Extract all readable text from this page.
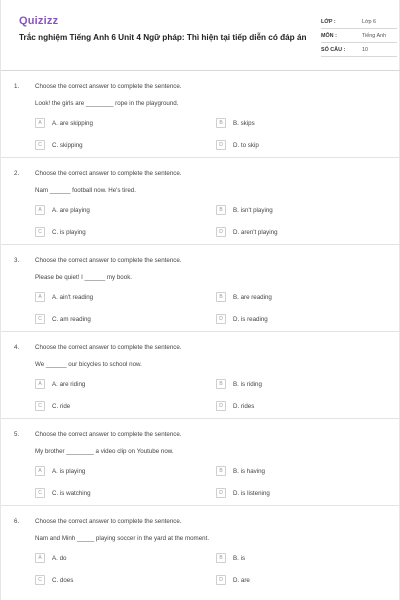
Quizizz
Trắc nghiệm Tiếng Anh 6 Unit 4 Ngữ pháp: Thì hiện tại tiếp diễn có đáp án
LỚP :	Lớp 6
MÔN :	Tiếng Anh
SỐ CÂU :	10
1.	Choose the correct answer to complete the sentence.
Look! the girls are ________ rope in the playground.
A	A. are skipping	B	B. skips
C	C. skipping	D	D. to skip
2.	Choose the correct answer to complete the sentence.
Nam ______ football now. He's tired.
A	A. are playing	B	B. isn't playing
C	C. is playing	D	D. aren't playing
3.	Choose the correct answer to complete the sentence.
Please be quiet! I ______ my book.
A	A. ain't reading	B	B. are reading
C	C. am reading	D	D. is reading
4.	Choose the correct answer to complete the sentence.
We ______ our bicycles to school now.
A	A. are riding	B	B. is riding
C	C. ride	D	D. rides
5.	Choose the correct answer to complete the sentence.
My brother ________ a video clip on Youtube now.
A	A. is playing	B	B. is having
C	C. is watching	D	D. is listening
6.	Choose the correct answer to complete the sentence.
Nam and Minh _____ playing soccer in the yard at the moment.
A	A. do	B	B. is
C	C. does	D	D. are
